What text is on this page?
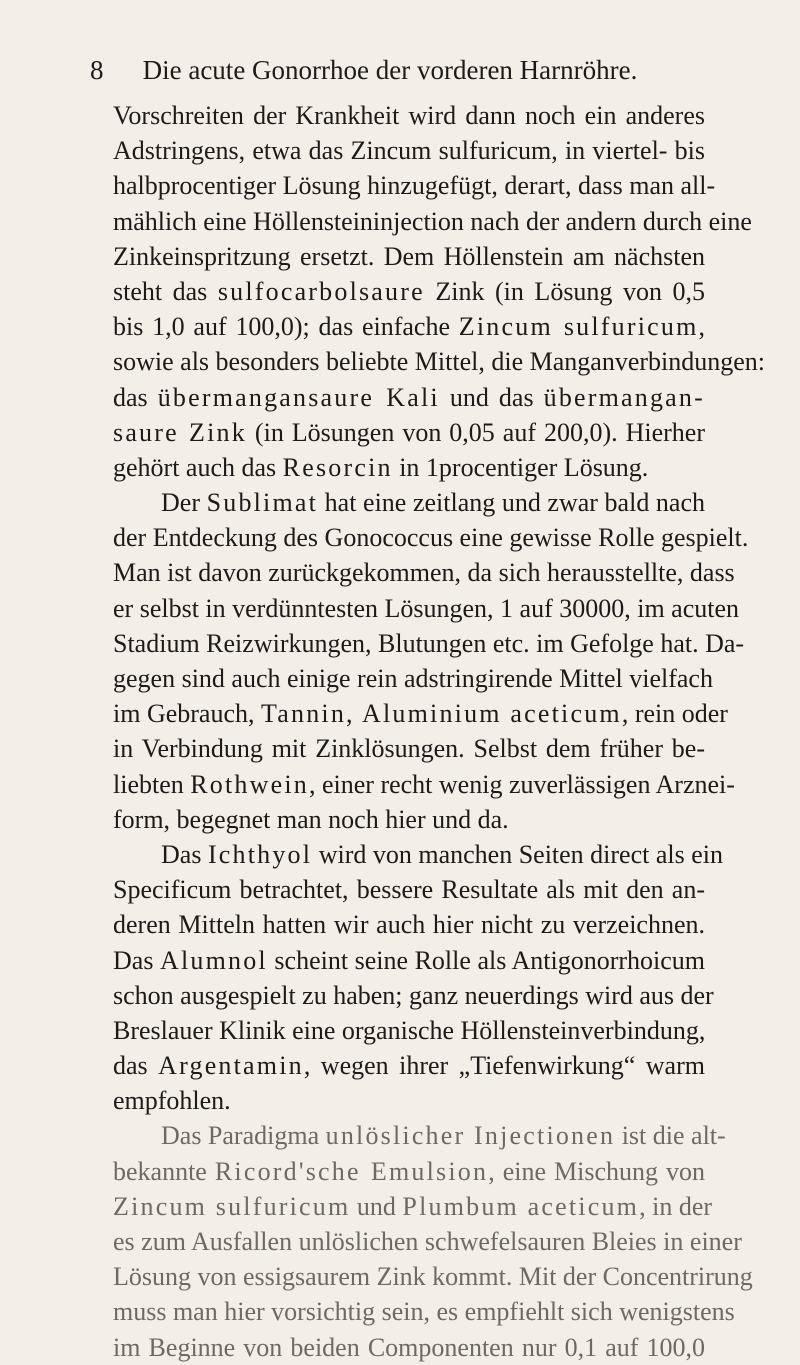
8	Die acute Gonorrhoe der vorderen Harnröhre.
Vorschreiten der Krankheit wird dann noch ein anderes
Adstringens, etwa das Zincum sulfuricum, in viertel- bis
halbprocentiger Lösung hinzugefügt, derart, dass man all-
mählich eine Höllensteininjection nach der andern durch eine
Zinkeinspritzung ersetzt. Dem Höllenstein am nächsten
steht das sulfocarbolsaure Zink (in Lösung von 0,5
bis 1,0 auf 100,0); das einfache Zincum sulfuricum,
sowie als besonders beliebte Mittel, die Manganverbindungen:
das übermangansaure Kali und das übermangan-
saure Zink (in Lösungen von 0,05 auf 200,0). Hierher
gehört auch das Resorcin in 1procentiger Lösung.
Der Sublimat hat eine zeitlang und zwar bald nach
der Entdeckung des Gonococcus eine gewisse Rolle gespielt.
Man ist davon zurückgekommen, da sich herausstellte, dass
er selbst in verdünntesten Lösungen, 1 auf 30000, im acuten
Stadium Reizwirkungen, Blutungen etc. im Gefolge hat. Da-
gegen sind auch einige rein adstringirende Mittel vielfach
im Gebrauch, Tannin, Aluminium aceticum, rein oder
in Verbindung mit Zinklösungen. Selbst dem früher be-
liebten Rothwein, einer recht wenig zuverlässigen Arznei-
form, begegnet man noch hier und da.
Das Ichthyol wird von manchen Seiten direct als ein
Specificum betrachtet, bessere Resultate als mit den an-
deren Mitteln hatten wir auch hier nicht zu verzeichnen.
Das Alumnol scheint seine Rolle als Antigonorrhoicum
schon ausgespielt zu haben; ganz neuerdings wird aus der
Breslauer Klinik eine organische Höllensteinverbindung,
das Argentamin, wegen ihrer „Tiefenwirkung“ warm
empfohlen.
Das Paradigma unlöslicher Injectionen ist die alt-
bekannte Ricord'sche Emulsion, eine Mischung von
Zincum sulfuricum und Plumbum aceticum, in der
es zum Ausfallen unlöslichen schwefelsauren Bleies in einer
Lösung von essigsaurem Zink kommt. Mit der Concentrirung
muss man hier vorsichtig sein, es empfiehlt sich wenigstens
im Beginne von beiden Componenten nur 0,1 auf 100,0
